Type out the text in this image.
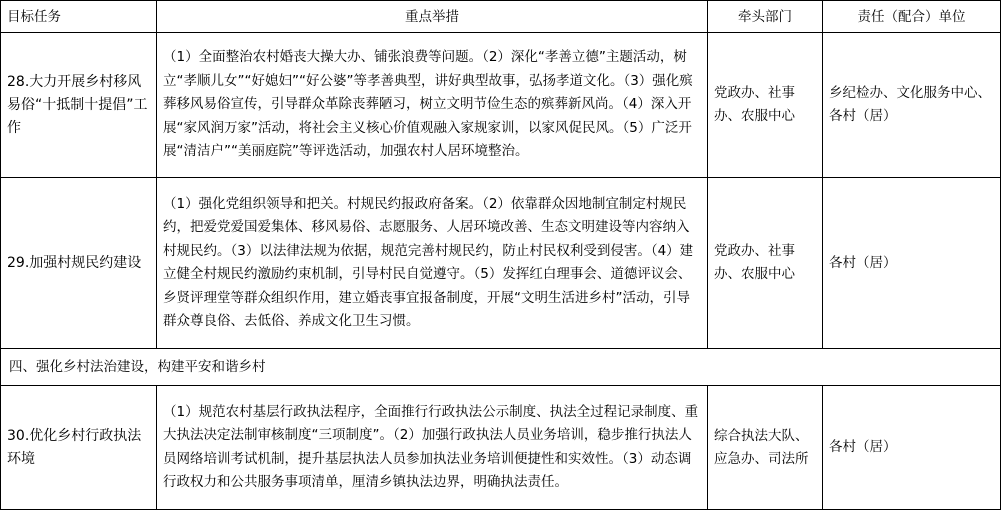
目标任务	重点举措	牵头部门	责任（配合）单位
28.大力开展乡村移风易俗“十抵制十提倡”工作	（1）全面整治农村婚丧大操大办、铺张浪费等问题。（2）深化“孝善立德”主题活动，树立“孝顺儿女”“好媳妇”“好公婆”等孝善典型，讲好典型故事，弘扬孝道文化。（3）强化殡葬移风易俗宣传，引导群众革除丧葬陋习，树立文明节俭生态的殡葬新风尚。（4）深入开展“家风润万家”活动，将社会主义核心价值观融入家规家训，以家风促民风。（5）广泛开展“清洁户”“美丽庭院”等评选活动，加强农村人居环境整治。	党政办、社事办、农服中心	乡纪检办、文化服务中心、各村（居）
29.加强村规民约建设	（1）强化党组织领导和把关。村规民约报政府备案。（2）依靠群众因地制宜制定村规民约，把爱党爱国爱集体、移风易俗、志愿服务、人居环境改善、生态文明建设等内容纳入村规民约。（3）以法律法规为依据，规范完善村规民约，防止村民权利受到侵害。（4）建立健全村规民约激励约束机制，引导村民自觉遵守。（5）发挥红白理事会、道德评议会、乡贤评理堂等群众组织作用，建立婚丧事宜报备制度，开展“文明生活进乡村”活动，引导群众尊良俗、去低俗、养成文化卫生习惯。	党政办、社事办、农服中心	各村（居）
四、强化乡村法治建设，构建平安和谐乡村			
30.优化乡村行政执法环境	（1）规范农村基层行政执法程序，全面推行行政执法公示制度、执法全过程记录制度、重大执法决定法制审核制度“三项制度”。（2）加强行政执法人员业务培训，稳步推行执法人员网络培训考试机制，提升基层执法人员参加执法业务培训便捷性和实效性。（3）动态调行政权力和公共服务事项清单，厘清乡镇执法边界，明确执法责任。	综合执法大队、应急办、司法所	各村（居）
